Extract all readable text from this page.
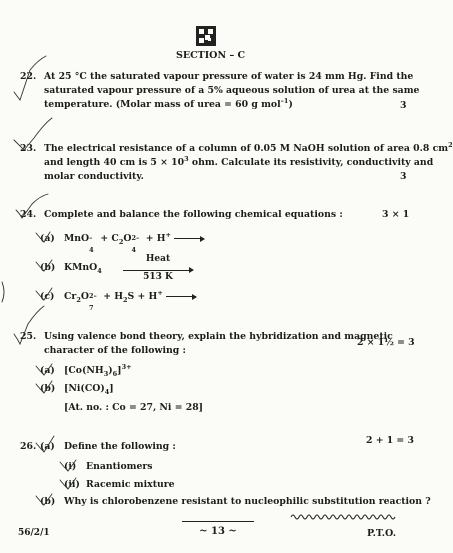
SECTION – C
22. At 25 °C the saturated vapour pressure of water is 24 mm Hg. Find the
saturated vapour pressure of a 5% aqueous solution of urea at the same
temperature. (Molar mass of urea = 60 g mol$^{-1}$)	3
23. The electrical resistance of a column of 0.05 M NaOH solution of area 0.8 $cm^2$
and length 40 cm is $5 \times 10^3$ ohm. Calculate its resistivity, conductivity and
molar conductivity.	3
24. Complete and balance the following chemical equations :	3 × 1
(a) MnO –
4
+ $C_2O$ 2–
4
+ H+
(b) KMnO$_4$
Heat
513 K
(c) $Cr_2O$ 2–
7
+ $H_2S + H^+$
25. Using valence bond theory, explain the hybridization and magnetic
character of the following :
2 × 1½ = 3
(a) $[Co(NH_3)_6]^{3+}$
(b) $[Ni(CO)_4]$
[At. no. : Co = 27, Ni = 28]
26. (a) Define the following :
2 + 1 = 3
(i) Enantiomers
(ii) Racemic mixture
(b) Why is chlorobenzene resistant to nucleophilic substitution reaction ?
56/2/1	~ 13 ~	P.T.O.
